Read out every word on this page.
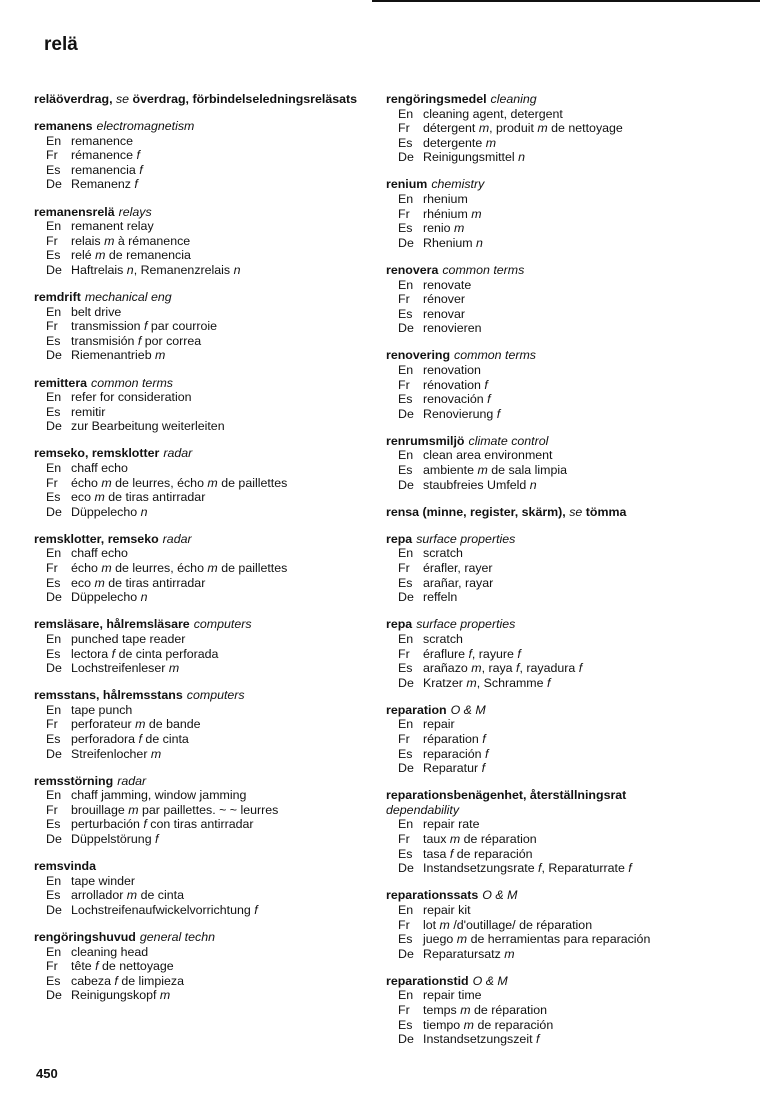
relä
reläöverdrag, se överdrag, förbindelseledningsreläsats
remanens electromagnetism
En remanence
Fr rémanence f
Es remanencia f
De Remanenz f
remanensrelä relays
En remanent relay
Fr relais m à rémanence
Es relé m de remanencia
De Haftrelais n, Remanenzrelais n
remdrift mechanical eng
En belt drive
Fr transmission f par courroie
Es transmisión f por correa
De Riemenantrieb m
remittera common terms
En refer for consideration
Es remitir
De zur Bearbeitung weiterleiten
remseko, remsklotter radar
En chaff echo
Fr écho m de leurres, écho m de paillettes
Es eco m de tiras antirradar
De Düppelecho n
remsklotter, remseko radar
En chaff echo
Fr écho m de leurres, écho m de paillettes
Es eco m de tiras antirradar
De Düppelecho n
remsläsare, hålremsläsare computers
En punched tape reader
Es lectora f de cinta perforada
De Lochstreifenleser m
remsstans, hålremsstans computers
En tape punch
Fr perforateur m de bande
Es perforadora f de cinta
De Streifenlocher m
remsstörning radar
En chaff jamming, window jamming
Fr brouillage m par paillettes. ~ ~ leurres
Es perturbación f con tiras antirradar
De Düppelstörung f
remsvinda
En tape winder
Es arrollador m de cinta
De Lochstreifenaufwickelvorrichtung f
rengöringshuvud general techn
En cleaning head
Fr tête f de nettoyage
Es cabeza f de limpieza
De Reinigungskopf m
rengöringsmedel cleaning
En cleaning agent, detergent
Fr détergent m, produit m de nettoyage
Es detergente m
De Reinigungsmittel n
renium chemistry
En rhenium
Fr rhénium m
Es renio m
De Rhenium n
renovera common terms
En renovate
Fr rénover
Es renovar
De renovieren
renovering common terms
En renovation
Fr rénovation f
Es renovación f
De Renovierung f
renrumsmiljö climate control
En clean area environment
Es ambiente m de sala limpia
De staubfreies Umfeld n
rensa (minne, register, skärm), se tömma
repa surface properties
En scratch
Fr érafler, rayer
Es arañar, rayar
De reffeln
repa surface properties
En scratch
Fr éraflure f, rayure f
Es arañazo m, raya f, rayadura f
De Kratzer m, Schramme f
reparation O & M
En repair
Fr réparation f
Es reparación f
De Reparatur f
reparationsbenägenhet, återställningsrat
dependability
En repair rate
Fr taux m de réparation
Es tasa f de reparación
De Instandsetzungsrate f, Reparaturrate f
reparationssats O & M
En repair kit
Fr lot m /d'outillage/ de réparation
Es juego m de herramientas para reparación
De Reparatursatz m
reparationstid O & M
En repair time
Fr temps m de réparation
Es tiempo m de reparación
De Instandsetzungszeit f
450
